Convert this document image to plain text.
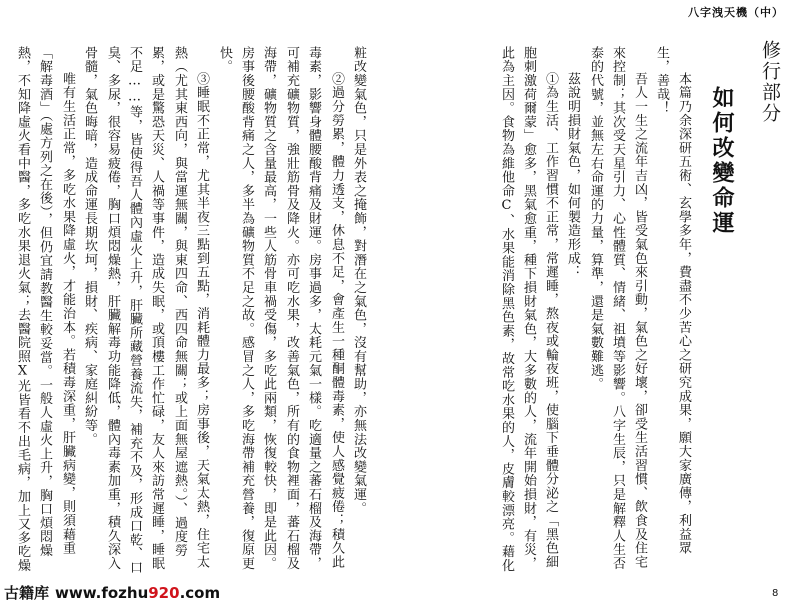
八字洩天機（中）
修行部分
如何改變命運
本篇乃余深研五術、玄學多年，費盡不少苦心之研究成果，願大家廣傳，利益眾
生，善哉！
吾人一生之流年吉凶，皆受氣色來引動，氣色之好壞，卻受生活習慣、飲食及住宅
來控制；其次受天星引力、心性體質、情緒、祖墳等影響。八字生辰，只是解釋人生否
泰的代號，並無左右命運的力量，算準，還是氣數難逃。
茲說明損財氣色，如何製造形成：
①為生活、工作習慣不正常，常遲睡，熬夜或輪夜班，使腦下垂體分泌之「黑色細
胞刺激荷爾蒙」愈多，黑氣愈重，種下損財氣色，大多數的人，流年開始損財，有災，
此為主因。食物為維他命C、水果能消除黑色素，故常吃水果的人，皮膚較漂亮。藉化
粧改變氣色，只是外表之掩飾，對潛在之氣色，沒有幫助，亦無法改變氣運。
②過分勞累，體力透支，休息不足，會產生一種酮體毒素，使人感覺疲倦；積久此
毒素，影響身體腰酸背痛及財運。房事過多，太耗元氣一樣。吃適量之蕃石榴及海帶，
可補充礦物質，強壯筋骨及降火。亦可吃水果，改善氣色，所有的食物裡面，蕃石榴及
海帶，礦物質之含量最高，一些人筋骨車禍受傷，多吃此兩類，恢復較快，即是此因。
房事後腰酸背痛之人，多半為礦物質不足之故。感冒之人，多吃海帶補充營養，復原更
快。
③睡眠不正常，尤其半夜三點到五點，消耗體力最多；房事後，天氣太熱，住宅太
熱（尤其東西向，與當運無關，與東四命、西四命無關；或上面無屋遮熱。）、過度勞
累，或是驚恐天災、人禍等事件，造成失眠，或頂樓工作忙碌，友人來訪常遲睡，睡眠
不足……等，皆使得吾人體內虛火上升，肝臟所藏營養流失，補充不及，形成口乾、口
臭、多尿，很容易疲倦，胸口煩悶燥熱，肝臟解毒功能降低，體內毒素加重，積久深入
骨髓，氣色晦暗，造成命運長期坎坷，損財、疾病、家庭糾紛等。
唯有生活正常，多吃水果降虛火，才能治本。若積毒深重，肝臟病變，則須藉重
「解毒酒」（處方列之在後），但仍宜請教醫生較妥當。一般人虛火上升，胸口煩悶燥
熱，不知降虛火看中醫，多吃水果退火氣；去醫院照X光皆看不出毛病，加上又多吃燥
古籍库 www.fozhu920.com	8
